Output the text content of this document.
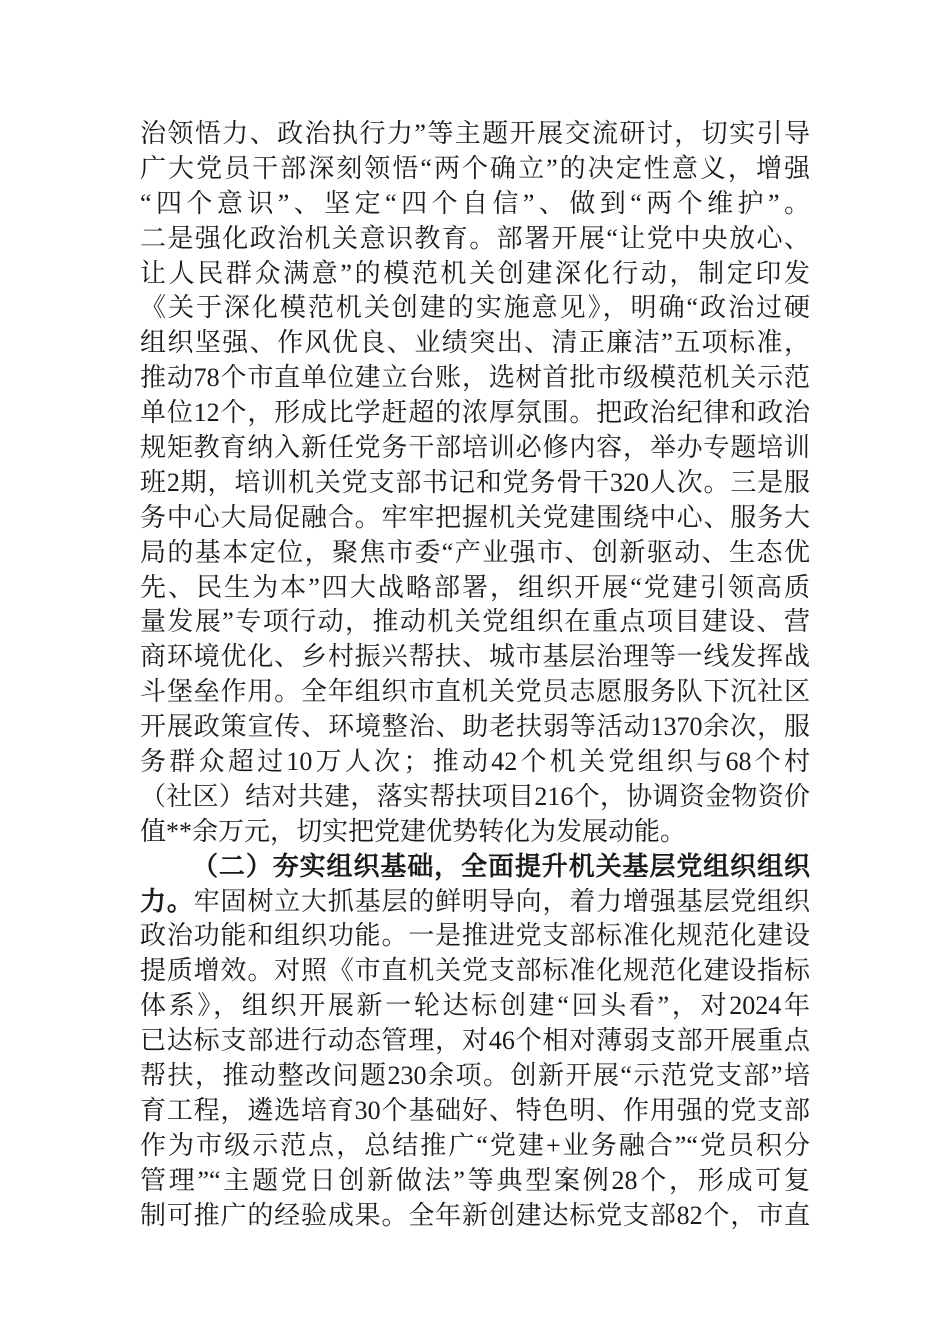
治领悟力、政治执行力”等主题开展交流研讨，切实引导
广大党员干部深刻领悟“两个确立”的决定性意义，增强
“四个意识”、坚定“四个自信”、做到“两个维护”。
二是强化政治机关意识教育。部署开展“让党中央放心、
让人民群众满意”的模范机关创建深化行动，制定印发
《关于深化模范机关创建的实施意见》，明确“政治过硬
组织坚强、作风优良、业绩突出、清正廉洁”五项标准，
推动78个市直单位建立台账，选树首批市级模范机关示范
单位12个，形成比学赶超的浓厚氛围。把政治纪律和政治
规矩教育纳入新任党务干部培训必修内容，举办专题培训
班2期，培训机关党支部书记和党务骨干320人次。三是服
务中心大局促融合。牢牢把握机关党建围绕中心、服务大
局的基本定位，聚焦市委“产业强市、创新驱动、生态优
先、民生为本”四大战略部署，组织开展“党建引领高质
量发展”专项行动，推动机关党组织在重点项目建设、营
商环境优化、乡村振兴帮扶、城市基层治理等一线发挥战
斗堡垒作用。全年组织市直机关党员志愿服务队下沉社区
开展政策宣传、环境整治、助老扶弱等活动1370余次，服
务群众超过10万人次；推动42个机关党组织与68个村
（社区）结对共建，落实帮扶项目216个，协调资金物资价
值**余万元，切实把党建优势转化为发展动能。
（二）夯实组织基础，全面提升机关基层党组织组织
力。牢固树立大抓基层的鲜明导向，着力增强基层党组织
政治功能和组织功能。一是推进党支部标准化规范化建设
提质增效。对照《市直机关党支部标准化规范化建设指标
体系》，组织开展新一轮达标创建“回头看”，对2024年
已达标支部进行动态管理，对46个相对薄弱支部开展重点
帮扶，推动整改问题230余项。创新开展“示范党支部”培
育工程，遴选培育30个基础好、特色明、作用强的党支部
作为市级示范点，总结推广“党建+业务融合”“党员积分
管理”“主题党日创新做法”等典型案例28个，形成可复
制可推广的经验成果。全年新创建达标党支部82个，市直
